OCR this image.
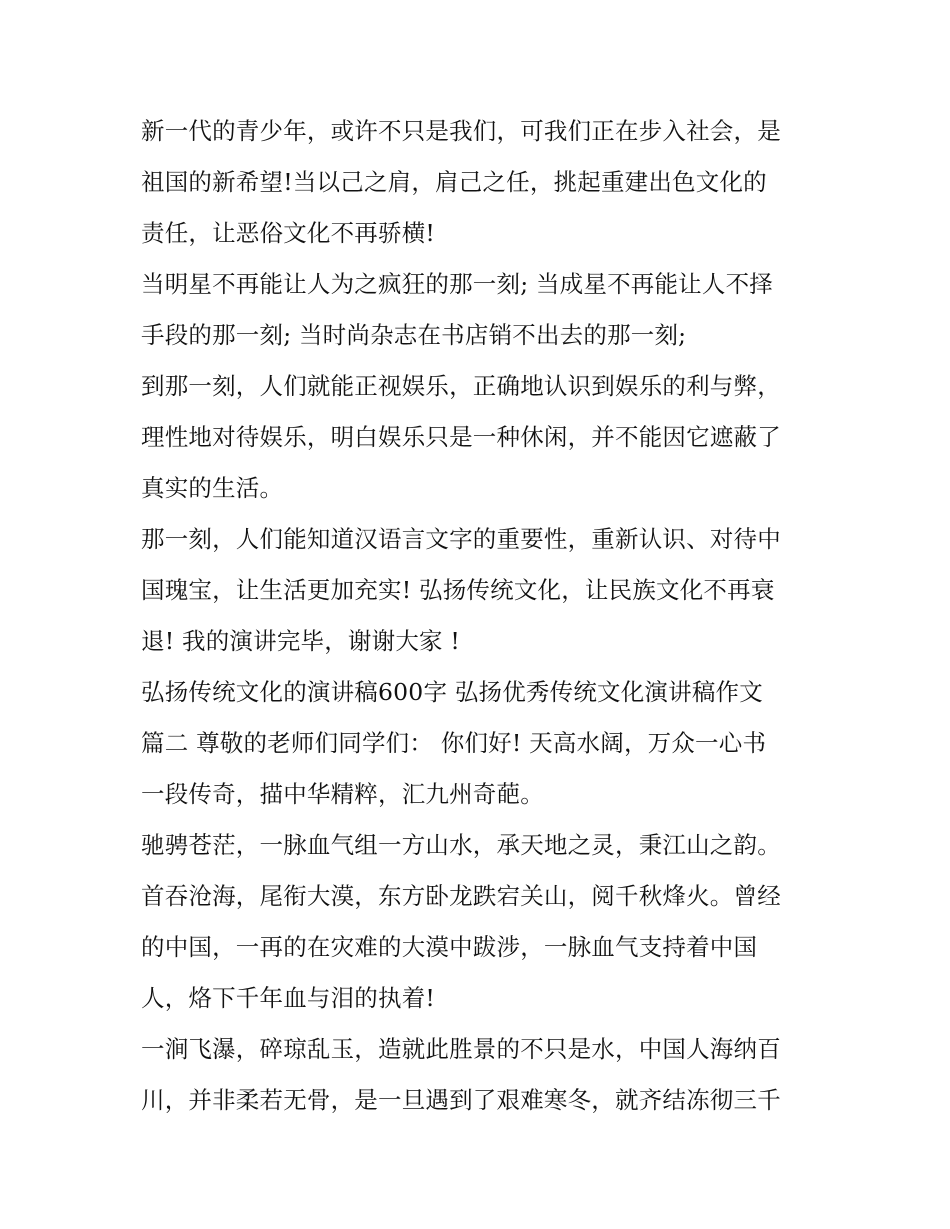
新一代的青少年，或许不只是我们，可我们正在步入社会，是
祖国的新希望!当以己之肩，肩己之任，挑起重建出色文化的
责任，让恶俗文化不再骄横!
当明星不再能让人为之疯狂的那一刻; 当成星不再能让人不择
手段的那一刻; 当时尚杂志在书店销不出去的那一刻;
到那一刻，人们就能正视娱乐，正确地认识到娱乐的利与弊，
理性地对待娱乐，明白娱乐只是一种休闲，并不能因它遮蔽了
真实的生活。
那一刻，人们能知道汉语言文字的重要性，重新认识、对待中
国瑰宝，让生活更加充实! 弘扬传统文化，让民族文化不再衰
退! 我的演讲完毕，谢谢大家 !
弘扬传统文化的演讲稿600字 弘扬优秀传统文化演讲稿作文
篇二 尊敬的老师们同学们： 你们好! 天高水阔，万众一心书
一段传奇，描中华精粹，汇九州奇葩。
驰骋苍茫，一脉血气组一方山水，承天地之灵，秉江山之韵。
首吞沧海，尾衔大漠，东方卧龙跌宕关山，阅千秋烽火。曾经
的中国，一再的在灾难的大漠中跋涉，一脉血气支持着中国
人，烙下千年血与泪的执着!
一涧飞瀑，碎琼乱玉，造就此胜景的不只是水，中国人海纳百
川，并非柔若无骨，是一旦遇到了艰难寒冬，就齐结冻彻三千
